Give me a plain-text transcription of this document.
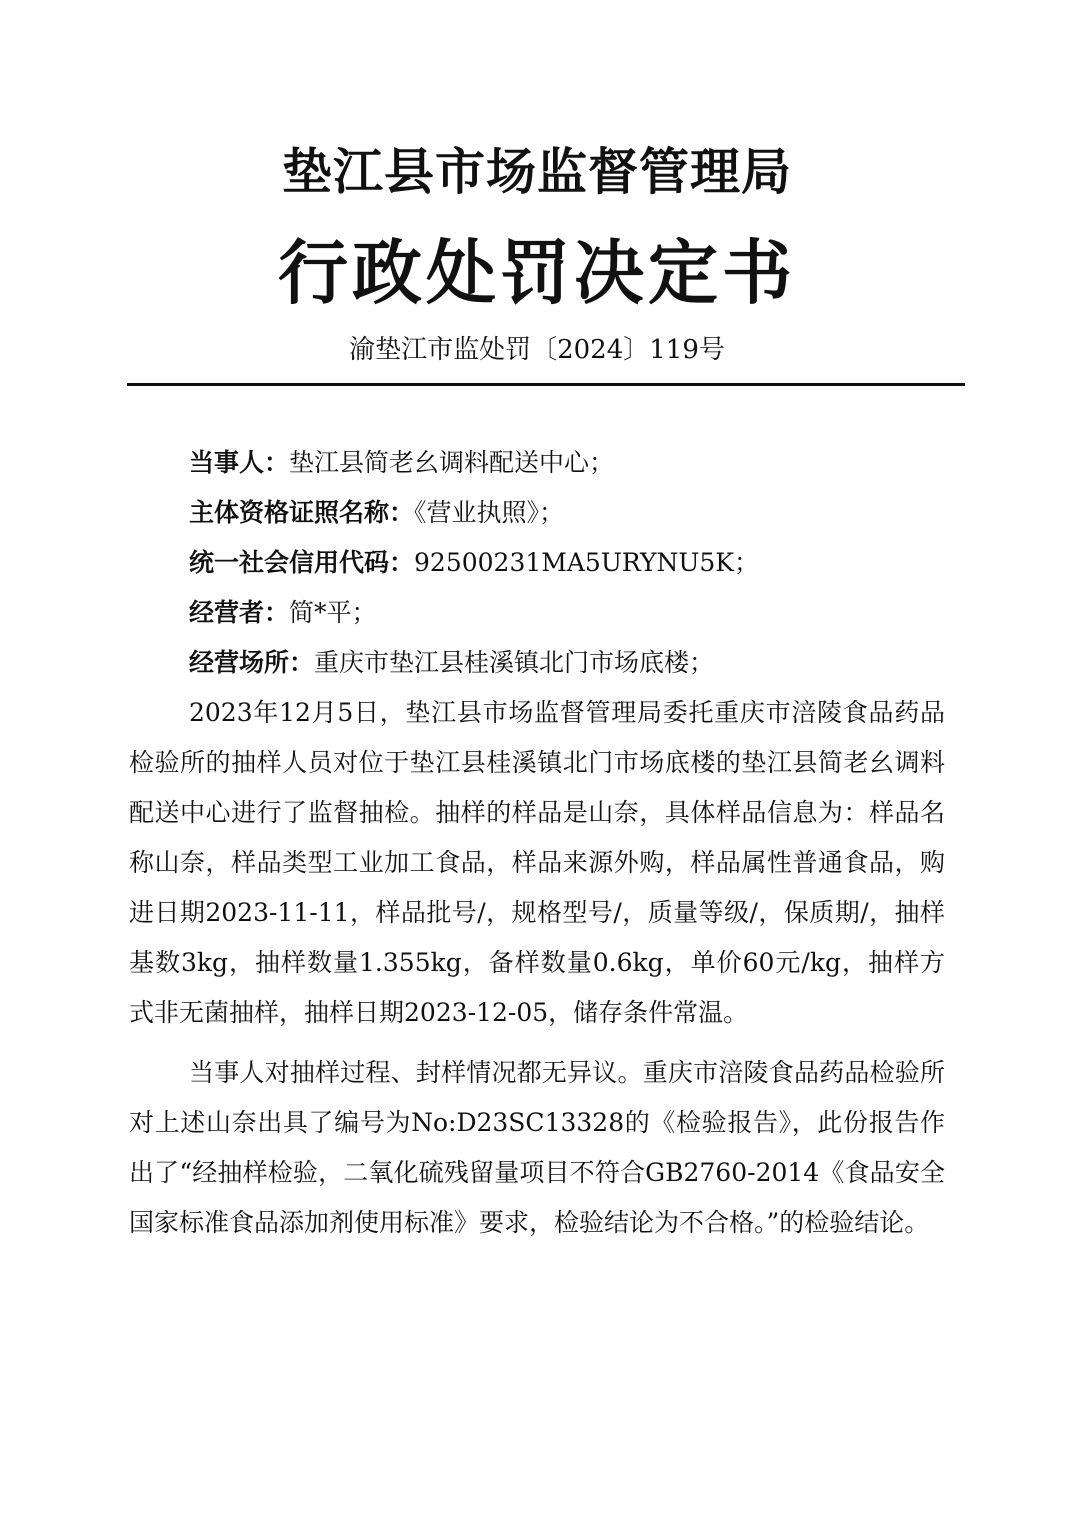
垫江县市场监督管理局
行政处罚决定书
渝垫江市监处罚〔2024〕119号
当事人：垫江县简老幺调料配送中心；
主体资格证照名称：《营业执照》；
统一社会信用代码：92500231MA5URYNU5K；
经营者：简*平；
经营场所：重庆市垫江县桂溪镇北门市场底楼；

2023年12月5日，垫江县市场监督管理局委托重庆市涪陵食品药品检验所的抽样人员对位于垫江县桂溪镇北门市场底楼的垫江县简老幺调料配送中心进行了监督抽检。抽样的样品是山奈，具体样品信息为：样品名称山奈，样品类型工业加工食品，样品来源外购，样品属性普通食品，购进日期2023-11-11，样品批号/，规格型号/，质量等级/，保质期/，抽样基数3kg，抽样数量1.355kg，备样数量0.6kg，单价60元/kg，抽样方式非无菌抽样，抽样日期2023-12-05，储存条件常温。

当事人对抽样过程、封样情况都无异议。重庆市涪陵食品药品检验所对上述山奈出具了编号为No:D23SC13328的《检验报告》，此份报告作出了“经抽样检验，二氧化硫残留量项目不符合GB2760-2014《食品安全国家标准食品添加剂使用标准》要求，检验结论为不合格。”的检验结论。
